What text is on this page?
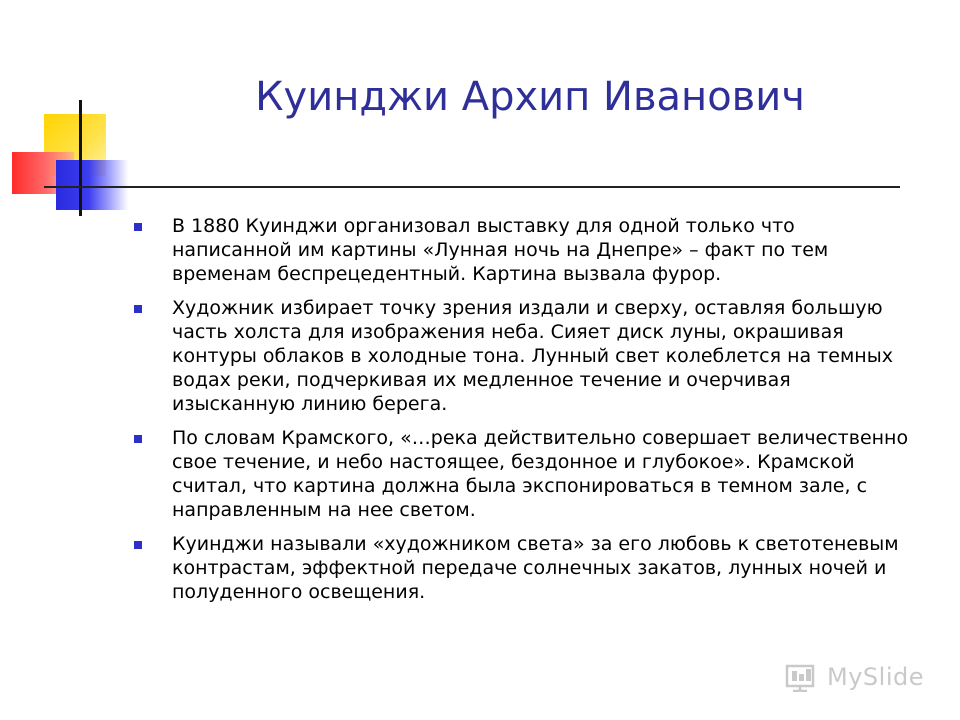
Куинджи Архип Иванович
В 1880 Куинджи организовал выставку для одной только что написанной им картины «Лунная ночь на Днепре» – факт по тем временам беспрецедентный. Картина вызвала фурор.
Художник избирает точку зрения издали и сверху, оставляя большую часть холста для изображения неба. Сияет диск луны, окрашивая контуры облаков в холодные тона. Лунный свет колеблется на темных водах реки, подчеркивая их медленное течение и очерчивая изысканную линию берега.
По словам Крамского, «…река действительно совершает величественно свое течение, и небо настоящее, бездонное и глубокое». Крамской считал, что картина должна была экспонироваться в темном зале, с направленным на нее светом.
Куинджи называли «художником света» за его любовь к светотеневым контрастам, эффектной передаче солнечных закатов, лунных ночей и полуденного освещения.
MySlide
